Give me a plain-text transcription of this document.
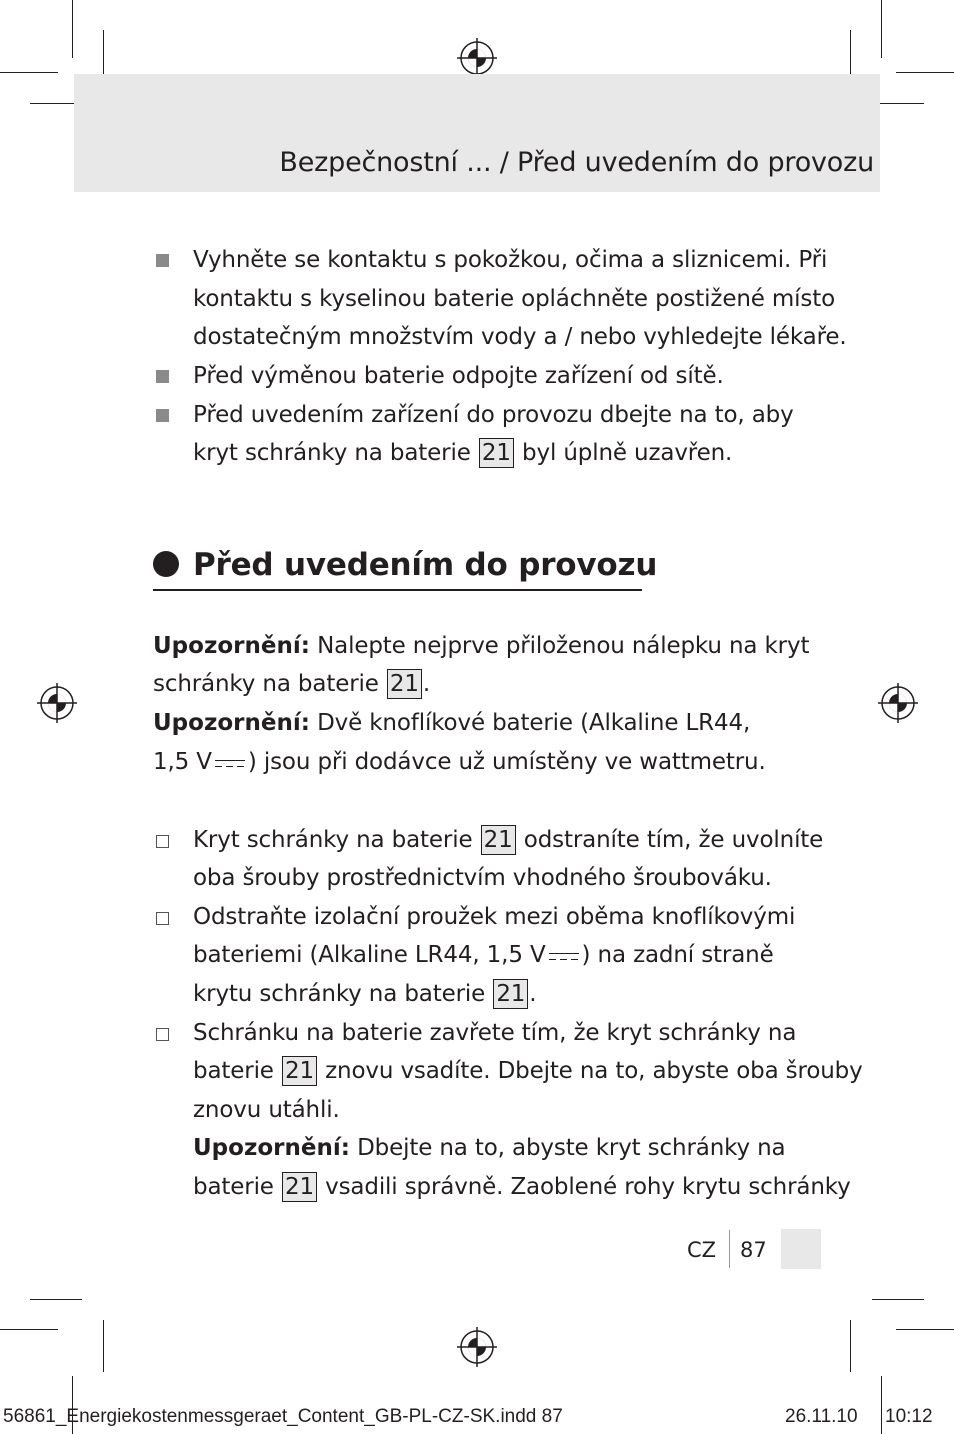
Bezpečnostní ... / Před uvedením do provozu
Vyhněte se kontaktu s pokožkou, očima a sliznicemi. Při
kontaktu s kyselinou baterie opláchněte postižené místo
dostatečným množstvím vody a / nebo vyhledejte lékaře.
Před výměnou baterie odpojte zařízení od sítě.
Před uvedením zařízení do provozu dbejte na to, aby
kryt schránky na baterie 21 byl úplně uzavřen.
Před uvedením do provozu
Upozornění: Nalepte nejprve přiloženou nálepku na kryt
schránky na baterie 21 .
Upozornění: Dvě knoflíkové baterie (Alkaline LR44,
1,5 V ) jsou při dodávce už umístěny ve wattmetru.
Kryt schránky na baterie 21 odstraníte tím, že uvolníte
oba šrouby prostřednictvím vhodného šroubováku.
Odstraňte izolační proužek mezi oběma knoflíkovými
bateriemi (Alkaline LR44, 1,5 V ) na zadní straně
krytu schránky na baterie 21 .
Schránku na baterie zavřete tím, že kryt schránky na
baterie 21 znovu vsadíte. Dbejte na to, abyste oba šrouby
znovu utáhli.
Upozornění: Dbejte na to, abyste kryt schránky na
baterie 21 vsadili správně. Zaoblené rohy krytu schránky
CZ 87
56861_Energiekostenmessgeraet_Content_GB-PL-CZ-SK.indd 87	26.11.10 10:12
